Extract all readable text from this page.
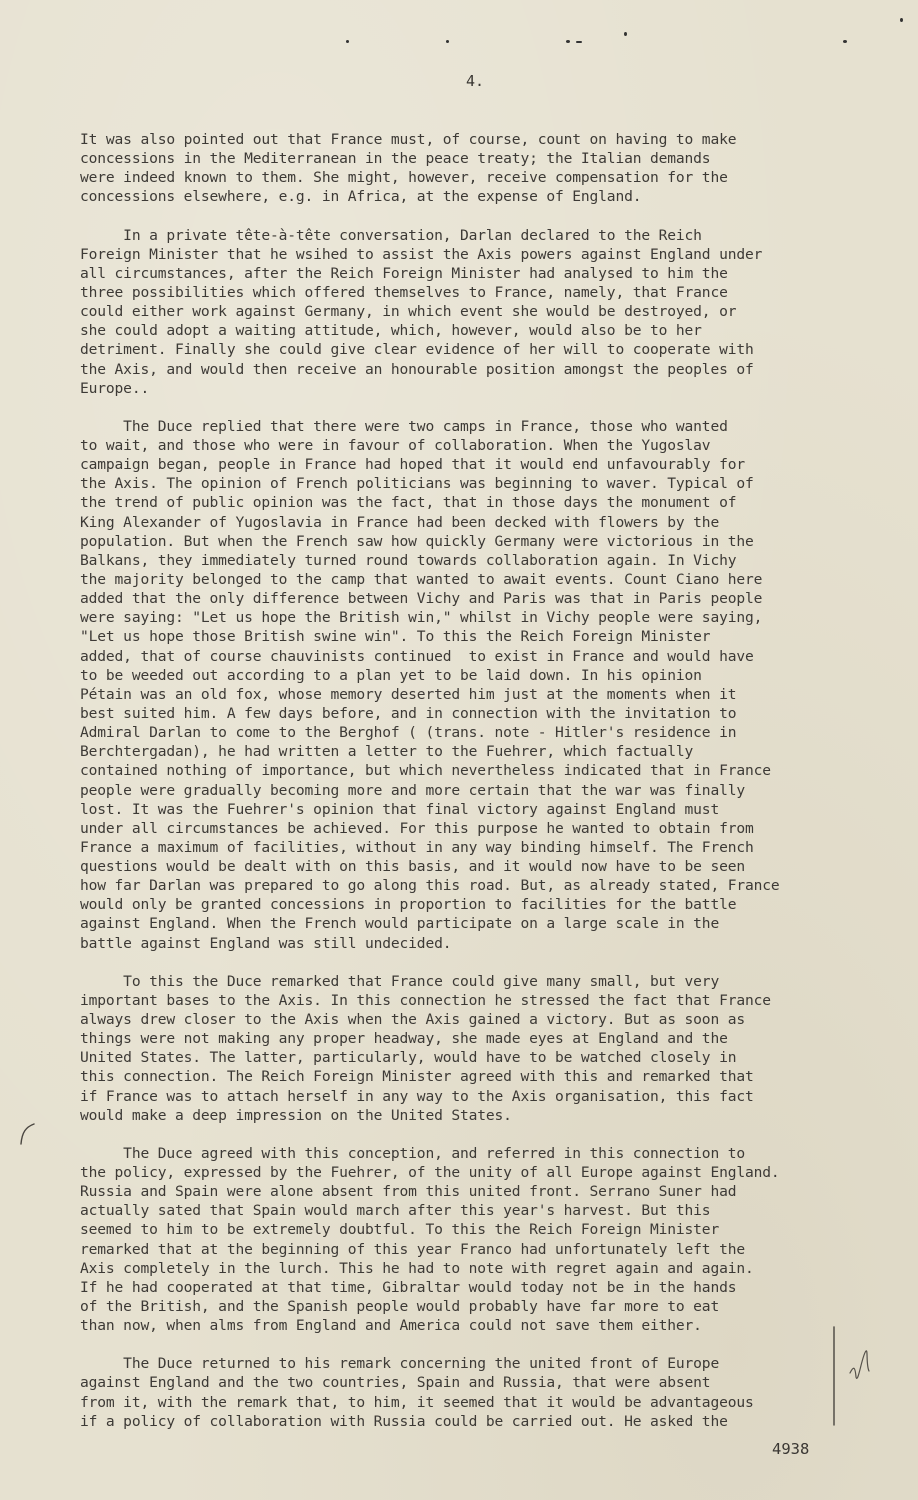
4.
It was also pointed out that France must, of course, count on having to make
concessions in the Mediterranean in the peace treaty; the Italian demands
were indeed known to them. She might, however, receive compensation for the
concessions elsewhere, e.g. in Africa, at the expense of England.
In a private tête-à-tête conversation, Darlan declared to the Reich
Foreign Minister that he wsihed to assist the Axis powers against England under
all circumstances, after the Reich Foreign Minister had analysed to him the
three possibilities which offered themselves to France, namely, that France
could either work against Germany, in which event she would be destroyed, or
she could adopt a waiting attitude, which, however, would also be to her
detriment. Finally she could give clear evidence of her will to cooperate with
the Axis, and would then receive an honourable position amongst the peoples of
Europe..
The Duce replied that there were two camps in France, those who wanted
to wait, and those who were in favour of collaboration. When the Yugoslav
campaign began, people in France had hoped that it would end unfavourably for
the Axis. The opinion of French politicians was beginning to waver. Typical of
the trend of public opinion was the fact, that in those days the monument of
King Alexander of Yugoslavia in France had been decked with flowers by the
population. But when the French saw how quickly Germany were victorious in the
Balkans, they immediately turned round towards collaboration again. In Vichy
the majority belonged to the camp that wanted to await events. Count Ciano here
added that the only difference between Vichy and Paris was that in Paris people
were saying: "Let us hope the British win," whilst in Vichy people were saying,
"Let us hope those British swine win". To this the Reich Foreign Minister
added, that of course chauvinists continued  to exist in France and would have
to be weeded out according to a plan yet to be laid down. In his opinion
Pétain was an old fox, whose memory deserted him just at the moments when it
best suited him. A few days before, and in connection with the invitation to
Admiral Darlan to come to the Berghof ( (trans. note - Hitler's residence in
Berchtergadan), he had written a letter to the Fuehrer, which factually
contained nothing of importance, but which nevertheless indicated that in France
people were gradually becoming more and more certain that the war was finally
lost. It was the Fuehrer's opinion that final victory against England must
under all circumstances be achieved. For this purpose he wanted to obtain from
France a maximum of facilities, without in any way binding himself. The French
questions would be dealt with on this basis, and it would now have to be seen
how far Darlan was prepared to go along this road. But, as already stated, France
would only be granted concessions in proportion to facilities for the battle
against England. When the French would participate on a large scale in the
battle against England was still undecided.
To this the Duce remarked that France could give many small, but very
important bases to the Axis. In this connection he stressed the fact that France
always drew closer to the Axis when the Axis gained a victory. But as soon as
things were not making any proper headway, she made eyes at England and the
United States. The latter, particularly, would have to be watched closely in
this connection. The Reich Foreign Minister agreed with this and remarked that
if France was to attach herself in any way to the Axis organisation, this fact
would make a deep impression on the United States.
The Duce agreed with this conception, and referred in this connection to
the policy, expressed by the Fuehrer, of the unity of all Europe against England.
Russia and Spain were alone absent from this united front. Serrano Suner had
actually sated that Spain would march after this year's harvest. But this
seemed to him to be extremely doubtful. To this the Reich Foreign Minister
remarked that at the beginning of this year Franco had unfortunately left the
Axis completely in the lurch. This he had to note with regret again and again.
If he had cooperated at that time, Gibraltar would today not be in the hands
of the British, and the Spanish people would probably have far more to eat
than now, when alms from England and America could not save them either.
The Duce returned to his remark concerning the united front of Europe
against England and the two countries, Spain and Russia, that were absent
from it, with the remark that, to him, it seemed that it would be advantageous
if a policy of collaboration with Russia could be carried out. He asked the
4938
